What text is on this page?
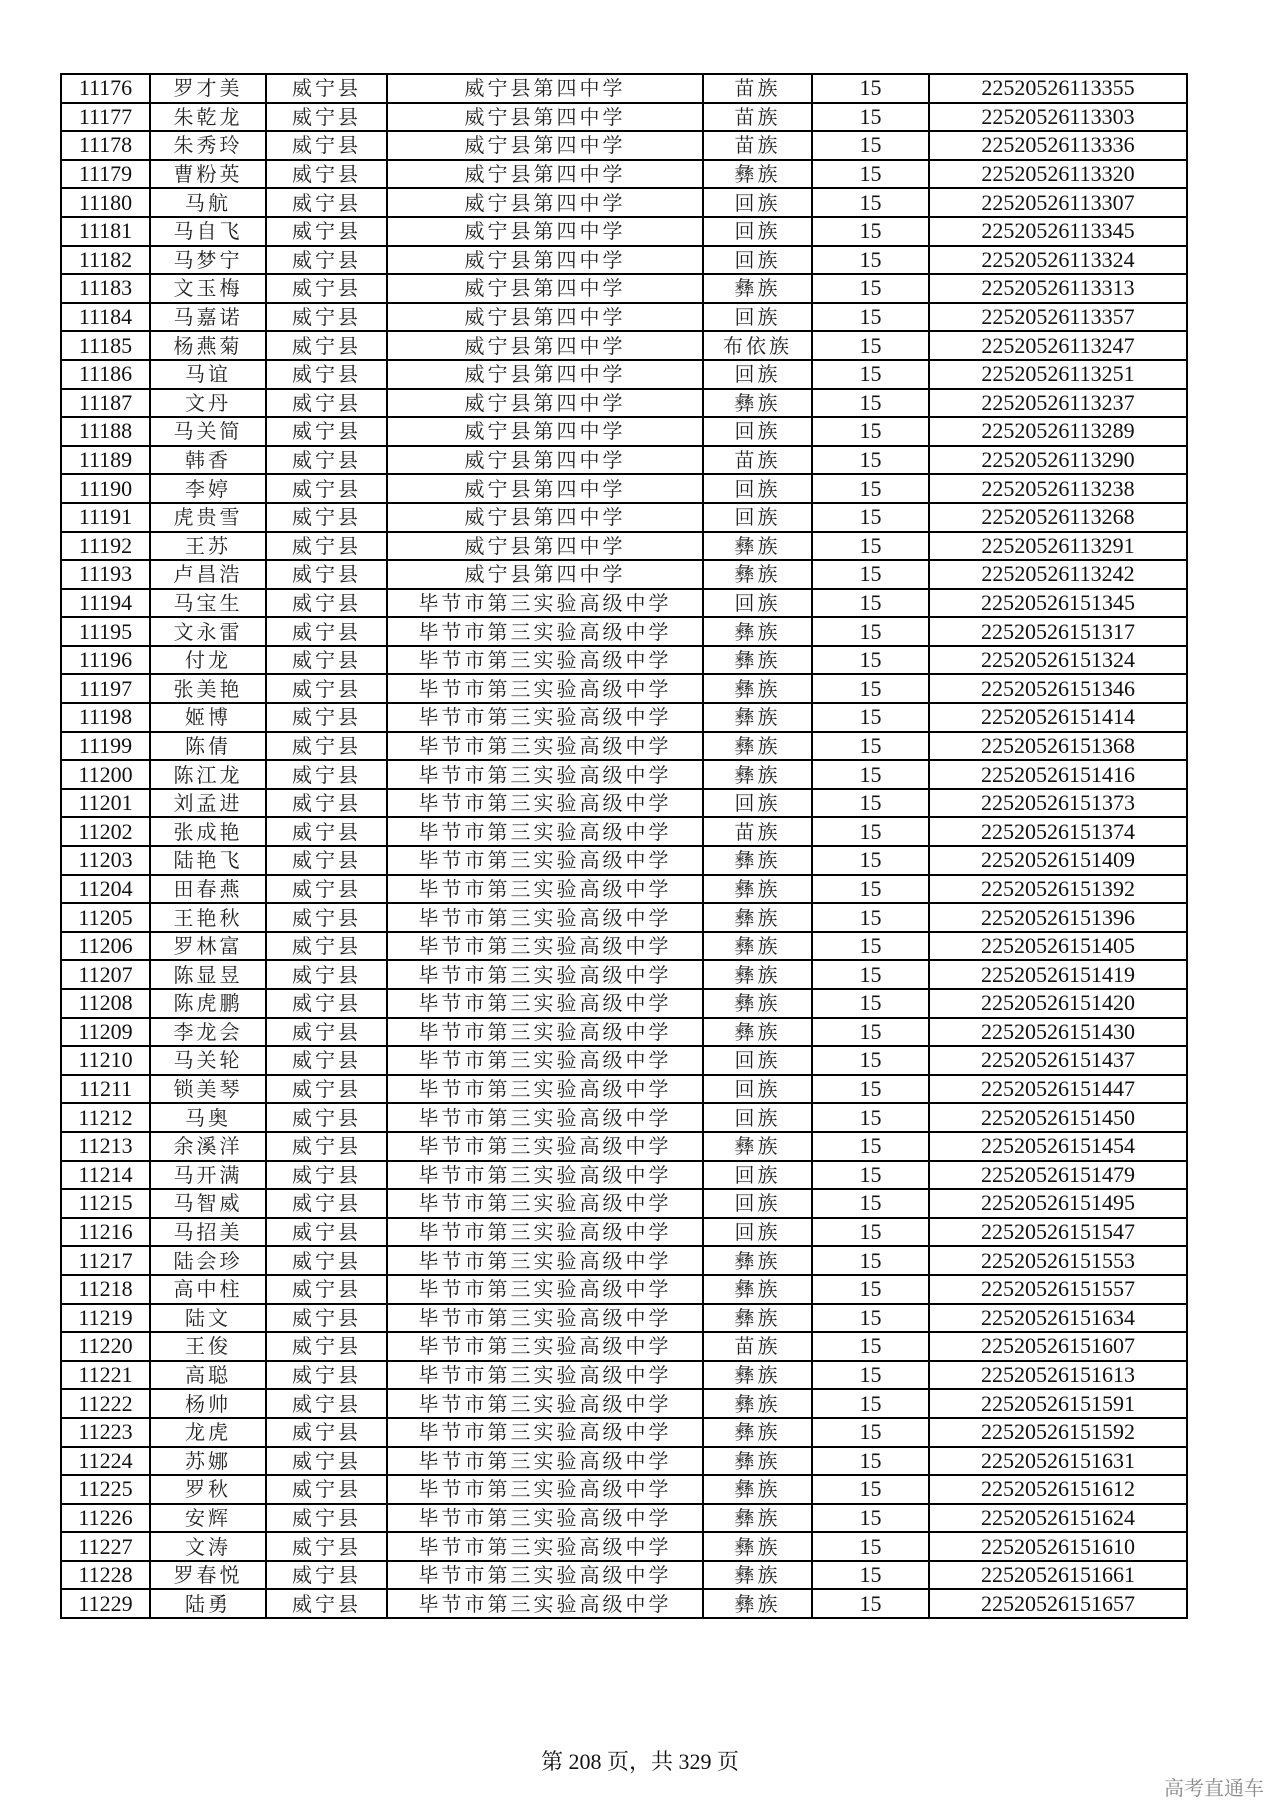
11176	罗才美	威宁县	威宁县第四中学	苗族	15	22520526113355
11177	朱乾龙	威宁县	威宁县第四中学	苗族	15	22520526113303
11178	朱秀玲	威宁县	威宁县第四中学	苗族	15	22520526113336
11179	曹粉英	威宁县	威宁县第四中学	彝族	15	22520526113320
11180	马航	威宁县	威宁县第四中学	回族	15	22520526113307
11181	马自飞	威宁县	威宁县第四中学	回族	15	22520526113345
11182	马梦宁	威宁县	威宁县第四中学	回族	15	22520526113324
11183	文玉梅	威宁县	威宁县第四中学	彝族	15	22520526113313
11184	马嘉诺	威宁县	威宁县第四中学	回族	15	22520526113357
11185	杨燕菊	威宁县	威宁县第四中学	布依族	15	22520526113247
11186	马谊	威宁县	威宁县第四中学	回族	15	22520526113251
11187	文丹	威宁县	威宁县第四中学	彝族	15	22520526113237
11188	马关简	威宁县	威宁县第四中学	回族	15	22520526113289
11189	韩香	威宁县	威宁县第四中学	苗族	15	22520526113290
11190	李婷	威宁县	威宁县第四中学	回族	15	22520526113238
11191	虎贵雪	威宁县	威宁县第四中学	回族	15	22520526113268
11192	王苏	威宁县	威宁县第四中学	彝族	15	22520526113291
11193	卢昌浩	威宁县	威宁县第四中学	彝族	15	22520526113242
11194	马宝生	威宁县	毕节市第三实验高级中学	回族	15	22520526151345
11195	文永雷	威宁县	毕节市第三实验高级中学	彝族	15	22520526151317
11196	付龙	威宁县	毕节市第三实验高级中学	彝族	15	22520526151324
11197	张美艳	威宁县	毕节市第三实验高级中学	彝族	15	22520526151346
11198	姬博	威宁县	毕节市第三实验高级中学	彝族	15	22520526151414
11199	陈倩	威宁县	毕节市第三实验高级中学	彝族	15	22520526151368
11200	陈江龙	威宁县	毕节市第三实验高级中学	彝族	15	22520526151416
11201	刘孟进	威宁县	毕节市第三实验高级中学	回族	15	22520526151373
11202	张成艳	威宁县	毕节市第三实验高级中学	苗族	15	22520526151374
11203	陆艳飞	威宁县	毕节市第三实验高级中学	彝族	15	22520526151409
11204	田春燕	威宁县	毕节市第三实验高级中学	彝族	15	22520526151392
11205	王艳秋	威宁县	毕节市第三实验高级中学	彝族	15	22520526151396
11206	罗林富	威宁县	毕节市第三实验高级中学	彝族	15	22520526151405
11207	陈显昱	威宁县	毕节市第三实验高级中学	彝族	15	22520526151419
11208	陈虎鹏	威宁县	毕节市第三实验高级中学	彝族	15	22520526151420
11209	李龙会	威宁县	毕节市第三实验高级中学	彝族	15	22520526151430
11210	马关轮	威宁县	毕节市第三实验高级中学	回族	15	22520526151437
11211	锁美琴	威宁县	毕节市第三实验高级中学	回族	15	22520526151447
11212	马奥	威宁县	毕节市第三实验高级中学	回族	15	22520526151450
11213	余溪洋	威宁县	毕节市第三实验高级中学	彝族	15	22520526151454
11214	马开满	威宁县	毕节市第三实验高级中学	回族	15	22520526151479
11215	马智威	威宁县	毕节市第三实验高级中学	回族	15	22520526151495
11216	马招美	威宁县	毕节市第三实验高级中学	回族	15	22520526151547
11217	陆会珍	威宁县	毕节市第三实验高级中学	彝族	15	22520526151553
11218	高中柱	威宁县	毕节市第三实验高级中学	彝族	15	22520526151557
11219	陆文	威宁县	毕节市第三实验高级中学	彝族	15	22520526151634
11220	王俊	威宁县	毕节市第三实验高级中学	苗族	15	22520526151607
11221	高聪	威宁县	毕节市第三实验高级中学	彝族	15	22520526151613
11222	杨帅	威宁县	毕节市第三实验高级中学	彝族	15	22520526151591
11223	龙虎	威宁县	毕节市第三实验高级中学	彝族	15	22520526151592
11224	苏娜	威宁县	毕节市第三实验高级中学	彝族	15	22520526151631
11225	罗秋	威宁县	毕节市第三实验高级中学	彝族	15	22520526151612
11226	安辉	威宁县	毕节市第三实验高级中学	彝族	15	22520526151624
11227	文涛	威宁县	毕节市第三实验高级中学	彝族	15	22520526151610
11228	罗春悦	威宁县	毕节市第三实验高级中学	彝族	15	22520526151661
11229	陆勇	威宁县	毕节市第三实验高级中学	彝族	15	22520526151657
第 208 页，共 329 页
高考直通车
